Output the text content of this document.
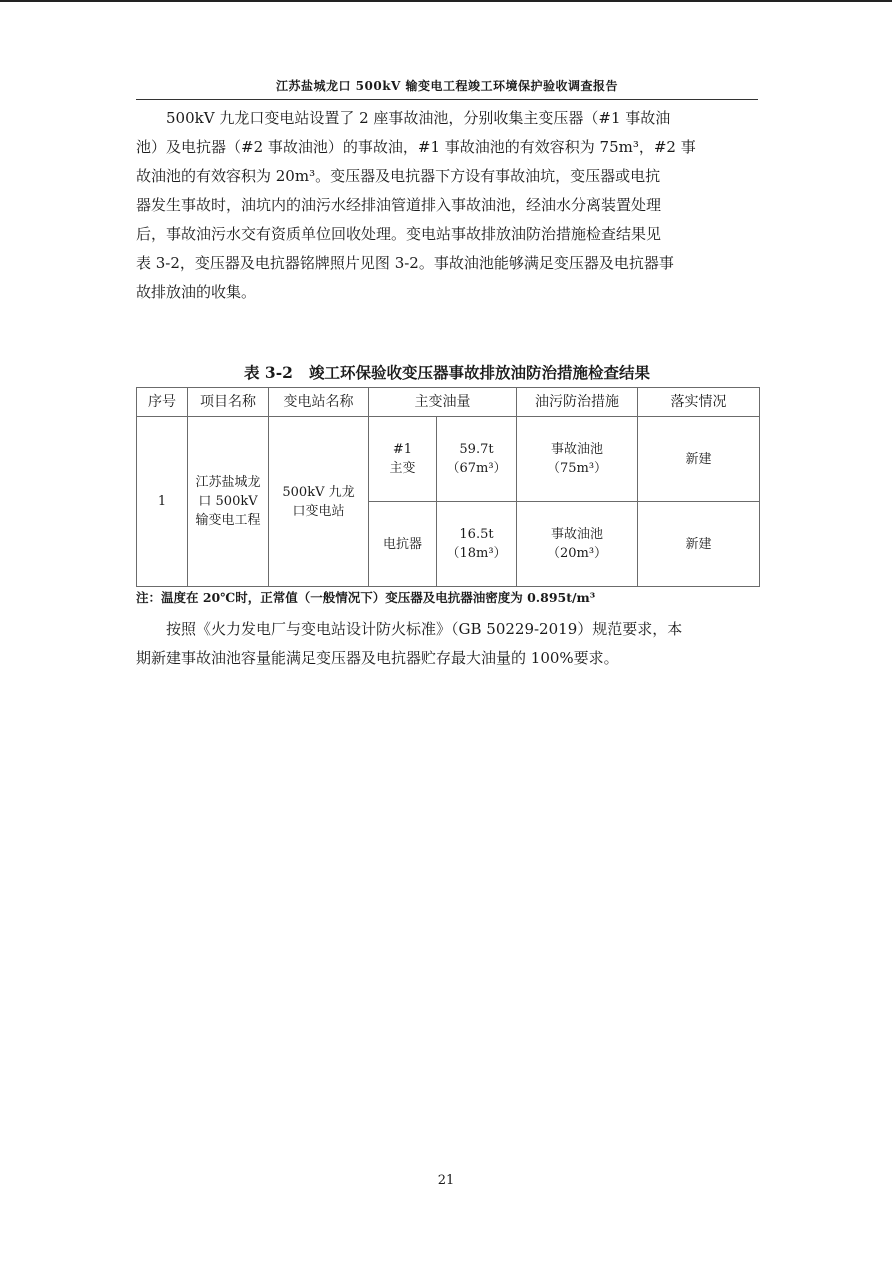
江苏盐城龙口 500kV 输变电工程竣工环境保护验收调查报告
　　500kV 九龙口变电站设置了 2 座事故油池，分别收集主变压器（#1 事故油
池）及电抗器（#2 事故油池）的事故油，#1 事故油池的有效容积为 75m³，#2 事
故油池的有效容积为 20m³。变压器及电抗器下方设有事故油坑，变压器或电抗
器发生事故时，油坑内的油污水经排油管道排入事故油池，经油水分离装置处理
后，事故油污水交有资质单位回收处理。变电站事故排放油防治措施检查结果见
表 3-2，变压器及电抗器铭牌照片见图 3-2。事故油池能够满足变压器及电抗器事
故排放油的收集。
表 3-2 竣工环保验收变压器事故排放油防治措施检查结果
序号	项目名称	变电站名称	主变油量		油污防治措施	落实情况
1	江苏盐城龙
口 500kV
输变电工程	500kV 九龙
口变电站	#1
主变	59.7t
（67m³）	事故油池
（75m³）	新建

			电抗器	16.5t
（18m³）	事故油池
（20m³）	新建
注：温度在 20℃时，正常值（一般情况下）变压器及电抗器油密度为 0.895t/m³
　　按照《火力发电厂与变电站设计防火标准》（GB 50229-2019）规范要求，本
期新建事故油池容量能满足变压器及电抗器贮存最大油量的 100%要求。
21
